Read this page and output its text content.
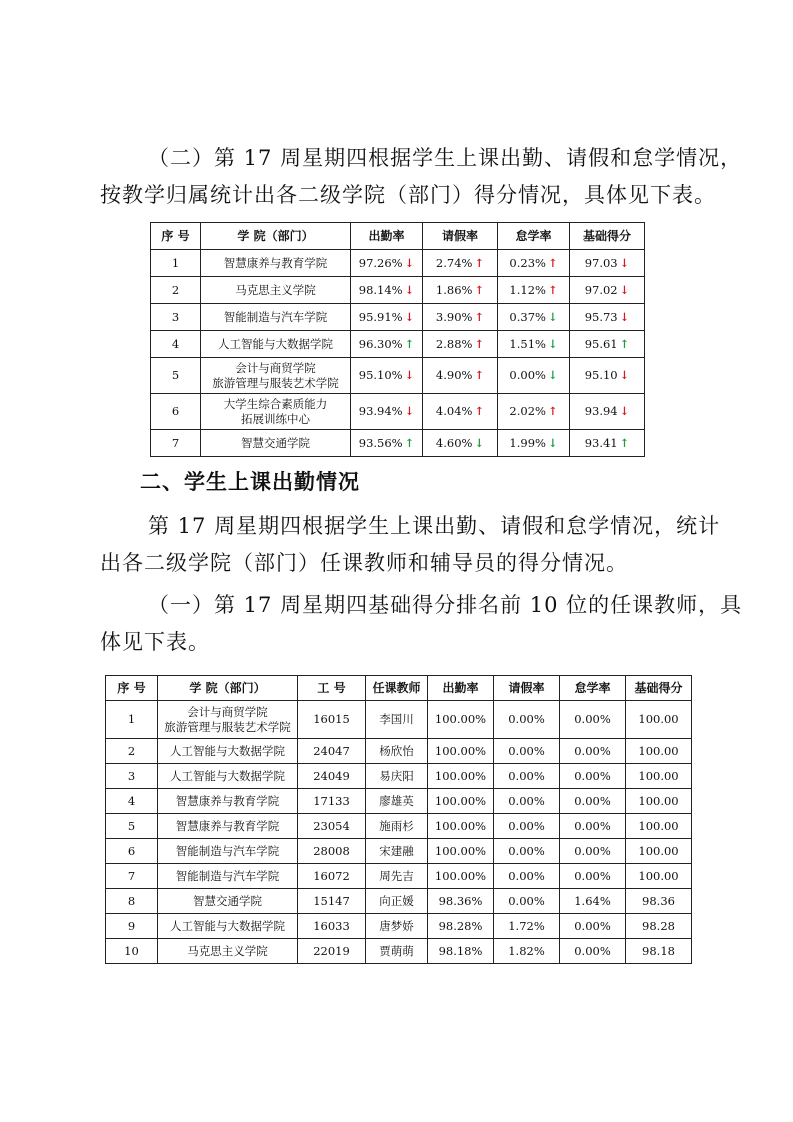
（二）第 17 周星期四根据学生上课出勤、请假和怠学情况，
按教学归属统计出各二级学院（部门）得分情况，具体见下表。
序 号	学 院（部门）	出勤率	请假率	怠学率	基础得分
1	智慧康养与教育学院	97.26% ↓	2.74% ↑	0.23% ↑	97.03 ↓
2	马克思主义学院	98.14% ↓	1.86% ↑	1.12% ↑	97.02 ↓
3	智能制造与汽车学院	95.91% ↓	3.90% ↑	0.37% ↓	95.73 ↓
4	人工智能与大数据学院	96.30% ↑	2.88% ↑	1.51% ↓	95.61 ↑
5	会计与商贸学院
旅游管理与服装艺术学院	95.10% ↓	4.90% ↑	0.00% ↓	95.10 ↓
6	大学生综合素质能力
拓展训练中心	93.94% ↓	4.04% ↑	2.02% ↑	93.94 ↓
7	智慧交通学院	93.56% ↑	4.60% ↓	1.99% ↓	93.41 ↑
二、学生上课出勤情况
第 17 周星期四根据学生上课出勤、请假和怠学情况，统计
出各二级学院（部门）任课教师和辅导员的得分情况。
（一）第 17 周星期四基础得分排名前 10 位的任课教师，具
体见下表。
序 号	学 院（部门）	工 号	任课教师	出勤率	请假率	怠学率	基础得分
1	会计与商贸学院
旅游管理与服装艺术学院	16015	李国川	100.00%	0.00%	0.00%	100.00
2	人工智能与大数据学院	24047	杨欣怡	100.00%	0.00%	0.00%	100.00
3	人工智能与大数据学院	24049	易庆阳	100.00%	0.00%	0.00%	100.00
4	智慧康养与教育学院	17133	廖雄英	100.00%	0.00%	0.00%	100.00
5	智慧康养与教育学院	23054	施雨杉	100.00%	0.00%	0.00%	100.00
6	智能制造与汽车学院	28008	宋建融	100.00%	0.00%	0.00%	100.00
7	智能制造与汽车学院	16072	周先吉	100.00%	0.00%	0.00%	100.00
8	智慧交通学院	15147	向正媛	98.36%	0.00%	1.64%	98.36
9	人工智能与大数据学院	16033	唐梦娇	98.28%	1.72%	0.00%	98.28
10	马克思主义学院	22019	贾萌萌	98.18%	1.82%	0.00%	98.18
